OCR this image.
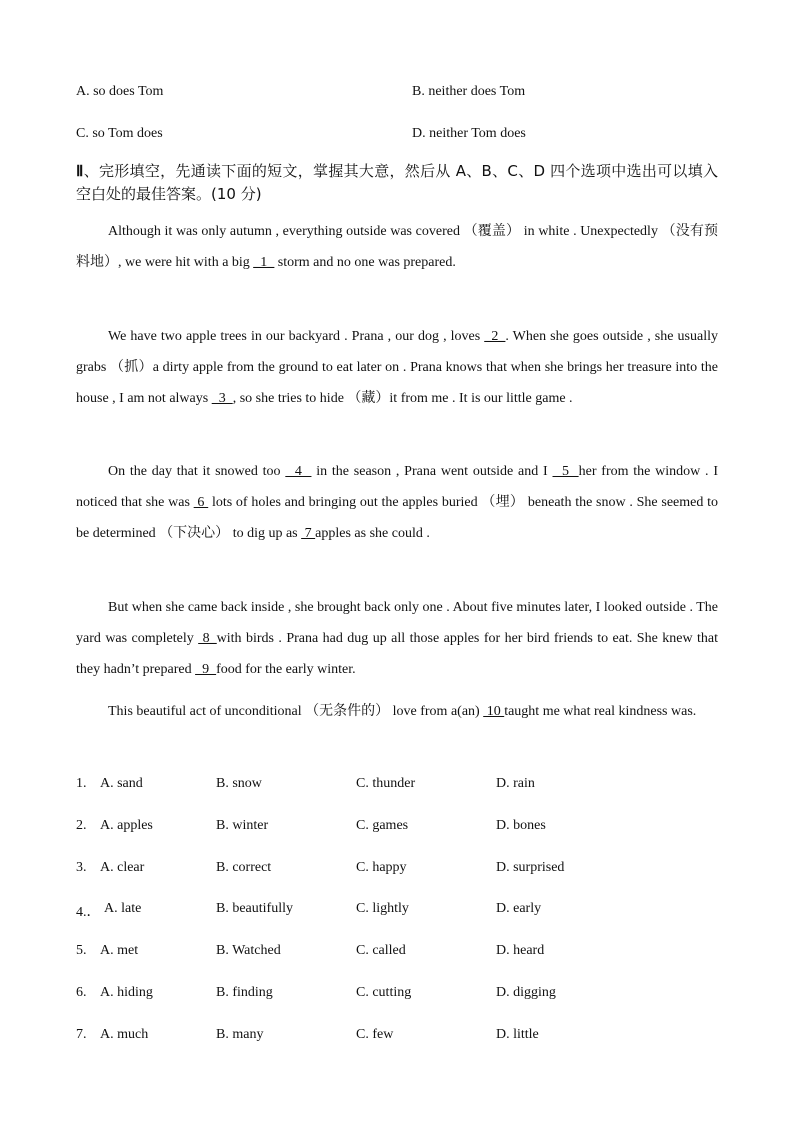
A. so does Tom	B. neither does Tom
C. so Tom does	D. neither Tom does
Ⅱ、完形填空，先通读下面的短文，掌握其大意，然后从 A、B、C、D 四个选项中选出可以填入空白处的最佳答案。(10 分)
Although it was only autumn , everything outside was covered （覆盖） in white . Unexpectedly （没有预料地）, we were hit with a big _1_ storm and no one was prepared.
We have two apple trees in our backyard . Prana , our dog , loves _2_. When she goes outside , she usually grabs （抓）a dirty apple from the ground to eat later on . Prana knows that when she brings her treasure into the house , I am not always   3  , so she tries to hide （藏）it from me . It is our little game .
On the day that it snowed too   4   in the season , Prana went outside and I   5  her from the window . I noticed that she was  6  lots of holes and bringing out the apples buried （埋） beneath the snow . She seemed to be determined （下决心） to dig up as  7 apples as she could .
But when she came back inside , she brought back only one . About five minutes later, I looked outside . The yard was completely  8_with birds . Prana had dug up all those apples for her bird friends to eat. She knew that they hadn’t prepared   9  food for the early winter.
This beautiful act of unconditional （无条件的） love from a(an)  10 taught me what real kindness was.
1. A. sand	B. snow	C. thunder	D. rain
2. A. apples	B. winter	C. games	D. bones
3. A. clear	B. correct	C. happy	D. surprised
4.． A. late	B. beautifully	C. lightly	D. early
5. A. met	B. Watched	C. called	D. heard
6. A. hiding	B. finding	C. cutting	D. digging
7. A. much	B. many	C. few	D. little
